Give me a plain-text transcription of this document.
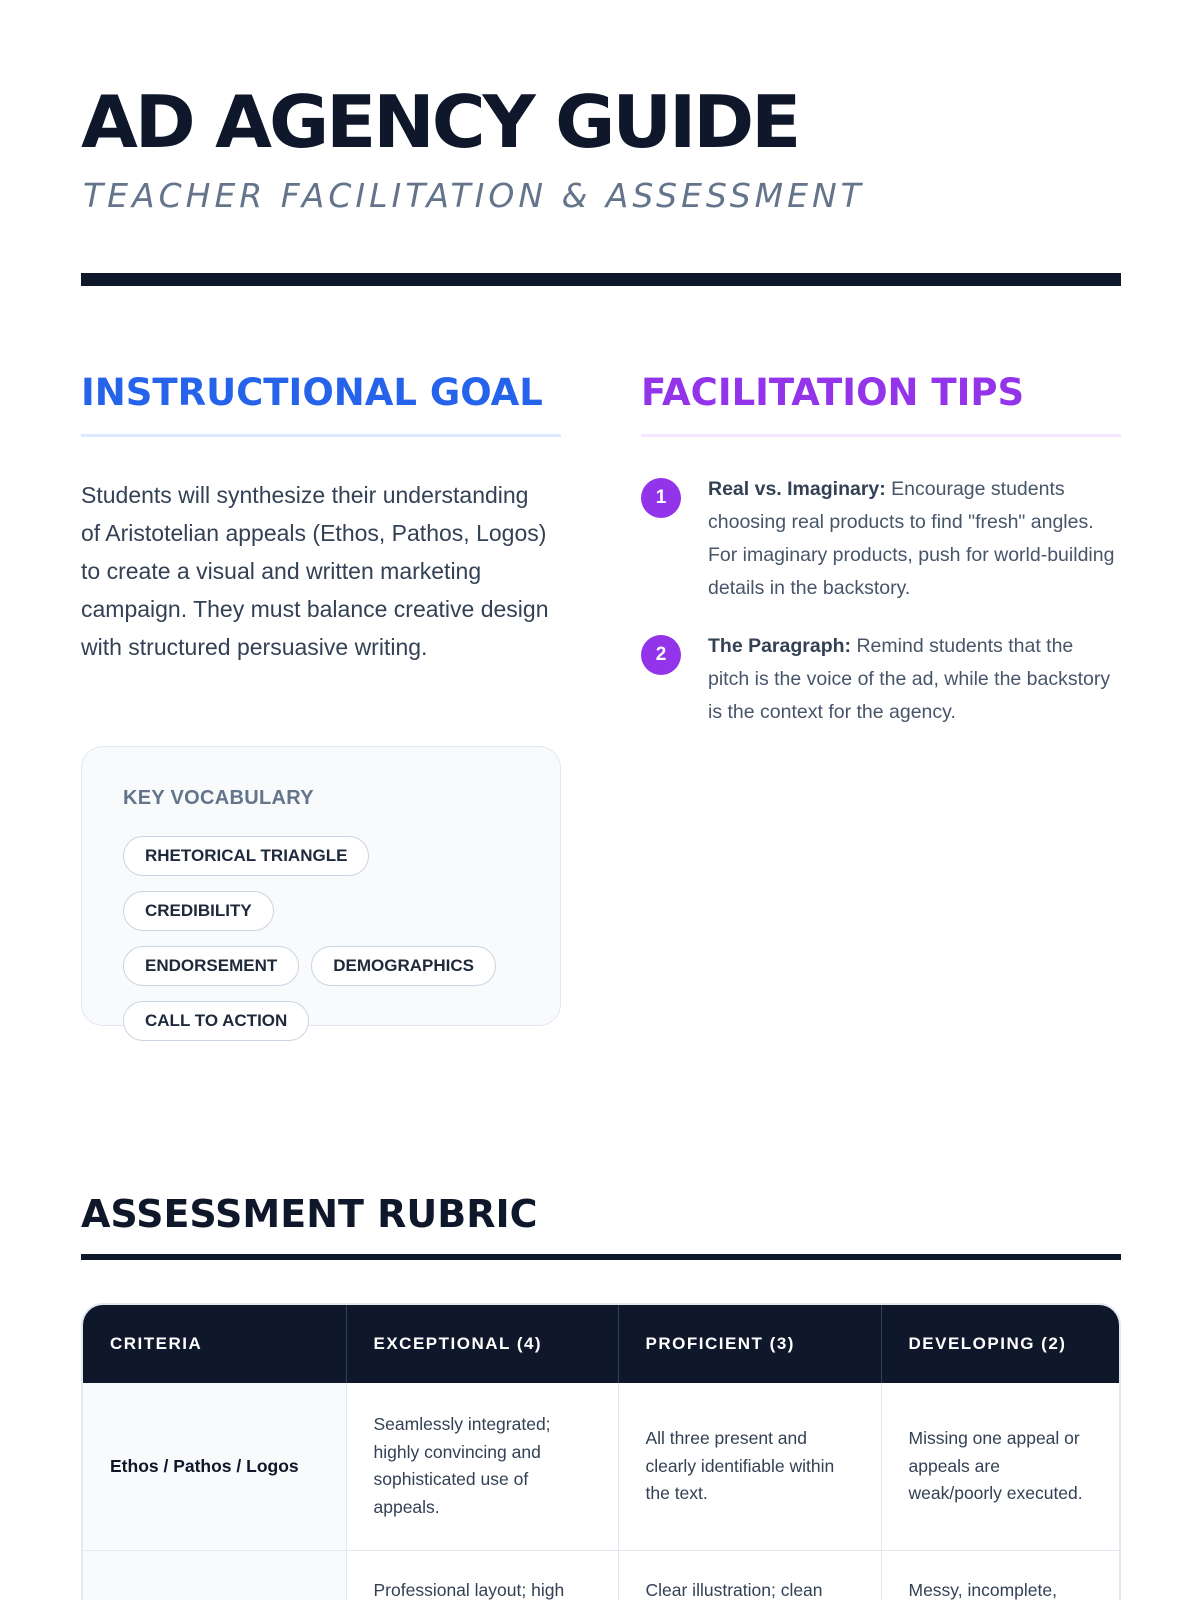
AD AGENCY GUIDE
TEACHER FACILITATION & ASSESSMENT
INSTRUCTIONAL GOAL

Students will synthesize their understanding of Aristotelian appeals (Ethos, Pathos, Logos) to create a visual and written marketing campaign. They must balance creative design with structured persuasive writing.

KEY VOCABULARY
RHETORICAL TRIANGLECREDIBILITY
ENDORSEMENT	DEMOGRAPHICS
CALL TO ACTION
FACILITATION TIPS
1	Real vs. Imaginary: Encourage students choosing real products to find "fresh" angles. For imaginary products, push for world-building details in the backstory.

2	The Paragraph: Remind students that the pitch is the voice of the ad, while the backstory is the context for the agency.

ASSESSMENT RUBRIC
CRITERIA	EXCEPTIONAL (4)	PROFICIENT (3)	DEVELOPING (2)
Ethos / Pathos / Logos	Seamlessly integrated; highly convincing and sophisticated use of appeals.	All three present and clearly identifiable within the text.	Missing one appeal or appeals are weak/poorly executed.
	Professional layout; high	Clear illustration; clean	Messy, incomplete,
